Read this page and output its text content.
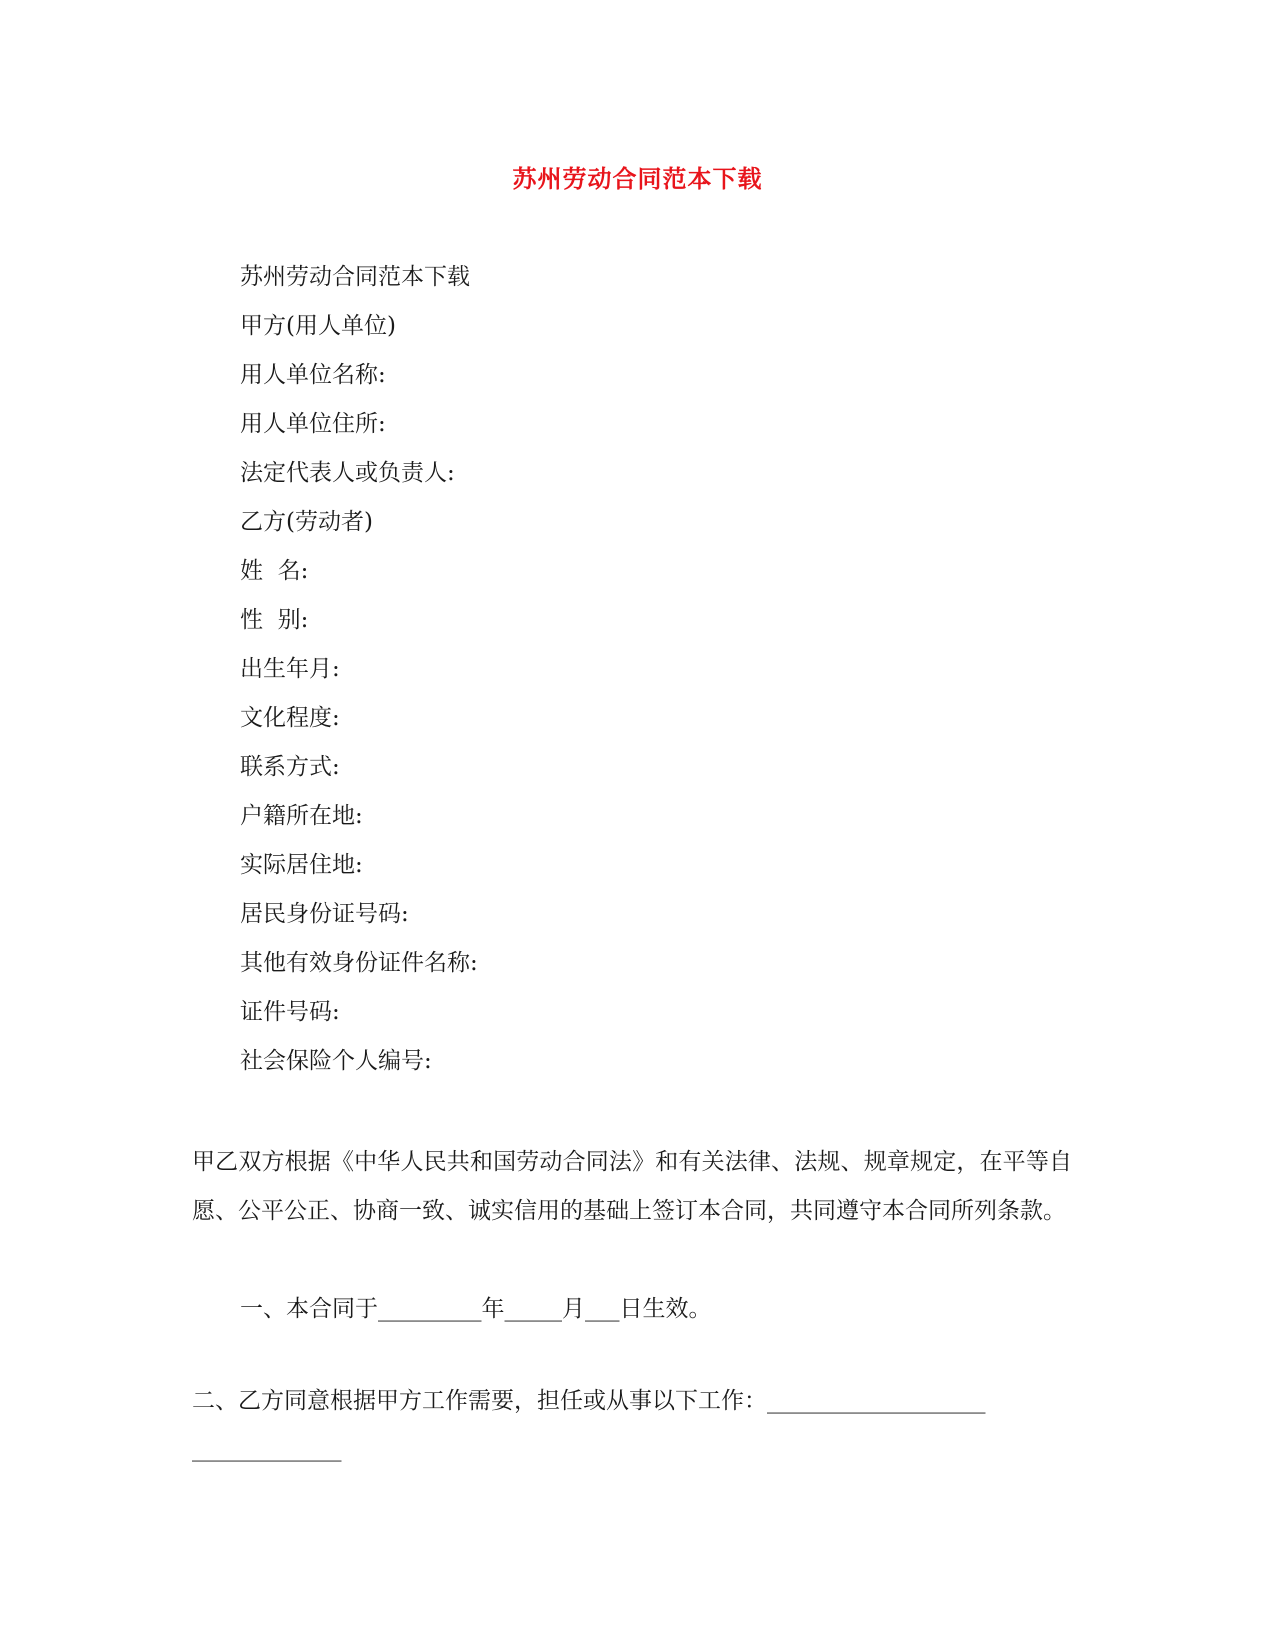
苏州劳动合同范本下载
苏州劳动合同范本下载
甲方(用人单位)
用人单位名称:
用人单位住所:
法定代表人或负责人:
乙方(劳动者)
姓  名:
性  别:
出生年月:
文化程度:
联系方式:
户籍所在地:
实际居住地:
居民身份证号码:
其他有效身份证件名称:
证件号码:
社会保险个人编号:

甲乙双方根据《中华人民共和国劳动合同法》和有关法律、法规、规章规定，在平等自愿、公平公正、协商一致、诚实信用的基础上签订本合同，共同遵守本合同所列条款。

一、本合同于_________年_____月___日生效。

二、乙方同意根据甲方工作需要，担任或从事以下工作：___________________

_____________
